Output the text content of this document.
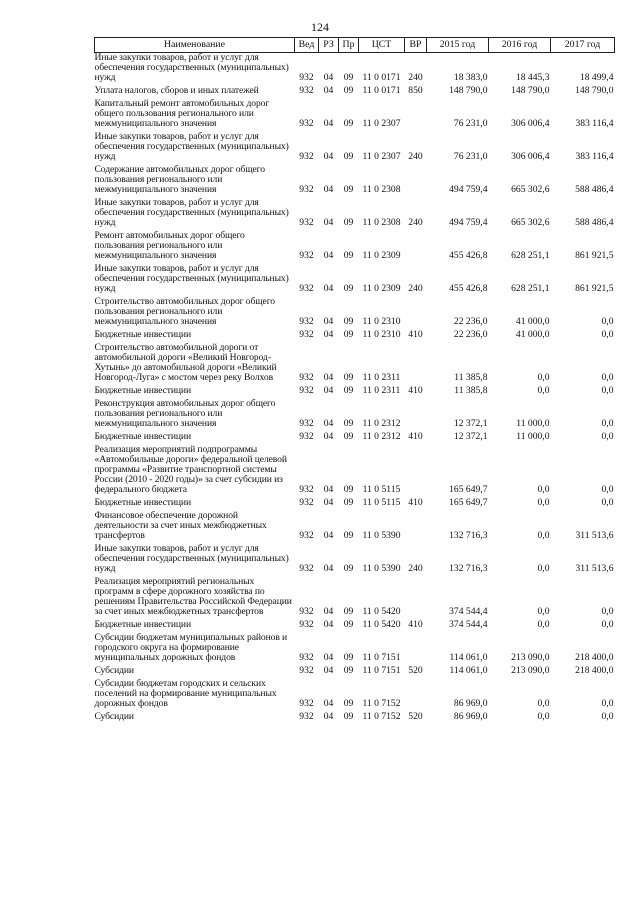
124
Наименование	Вед	РЗ	Пр	ЦСТ	ВР	2015 год	2016 год	2017 год
Иные закупки товаров, работ и услуг для обеспечения государственных (муниципальных) нужд	932	04	09	11 0 0171	240	18 383,0	18 445,3	18 499,4
Уплата налогов, сборов и иных платежей	932	04	09	11 0 0171	850	148 790,0	148 790,0	148 790,0
Капитальный ремонт автомобильных дорог общего пользования регионального или межмуниципального значения	932	04	09	11 0 2307		76 231,0	306 006,4	383 116,4
Иные закупки товаров, работ и услуг для обеспечения государственных (муниципальных) нужд	932	04	09	11 0 2307	240	76 231,0	306 006,4	383 116,4
Содержание автомобильных дорог общего пользования регионального или межмуниципального значения	932	04	09	11 0 2308		494 759,4	665 302,6	588 486,4
Иные закупки товаров, работ и услуг для обеспечения государственных (муниципальных) нужд	932	04	09	11 0 2308	240	494 759,4	665 302,6	588 486,4
Ремонт автомобильных дорог общего пользования регионального или межмуниципального значения	932	04	09	11 0 2309		455 426,8	628 251,1	861 921,5
Иные закупки товаров, работ и услуг для обеспечения государственных (муниципальных) нужд	932	04	09	11 0 2309	240	455 426,8	628 251,1	861 921,5
Строительство автомобильных дорог общего пользования регионального или межмуниципального значения	932	04	09	11 0 2310		22 236,0	41 000,0	0,0
Бюджетные инвестиции	932	04	09	11 0 2310	410	22 236,0	41 000,0	0,0
Строительство автомобильной дороги от автомобильной дороги «Великий Новгород-Хутынь» до автомобильной дороги «Великий Новгород-Луга» с мостом через реку Волхов	932	04	09	11 0 2311		11 385,8	0,0	0,0
Бюджетные инвестиции	932	04	09	11 0 2311	410	11 385,8	0,0	0,0
Реконструкция автомобильных дорог общего пользования регионального или межмуниципального значения	932	04	09	11 0 2312		12 372,1	11 000,0	0,0
Бюджетные инвестиции	932	04	09	11 0 2312	410	12 372,1	11 000,0	0,0
Реализация мероприятий подпрограммы «Автомобильные дороги» федеральной целевой программы «Развитие транспортной системы России (2010 - 2020 годы)» за счет субсидии из федерального бюджета	932	04	09	11 0 5115		165 649,7	0,0	0,0
Бюджетные инвестиции	932	04	09	11 0 5115	410	165 649,7	0,0	0,0
Финансовое обеспечение дорожной деятельности за счет иных межбюджетных трансфертов	932	04	09	11 0 5390		132 716,3	0,0	311 513,6
Иные закупки товаров, работ и услуг для обеспечения государственных (муниципальных) нужд	932	04	09	11 0 5390	240	132 716,3	0,0	311 513,6
Реализация мероприятий региональных программ в сфере дорожного хозяйства по решениям Правительства Российской Федерации за счет иных межбюджетных трансфертов	932	04	09	11 0 5420		374 544,4	0,0	0,0
Бюджетные инвестиции	932	04	09	11 0 5420	410	374 544,4	0,0	0,0
Субсидии бюджетам муниципальных районов и городского округа на формирование муниципальных дорожных фондов	932	04	09	11 0 7151		114 061,0	213 090,0	218 400,0
Субсидии	932	04	09	11 0 7151	520	114 061,0	213 090,0	218 400,0
Субсидии бюджетам городских и сельских поселений на формирование муниципальных дорожных фондов	932	04	09	11 0 7152		86 969,0	0,0	0,0
Субсидии	932	04	09	11 0 7152	520	86 969,0	0,0	0,0
